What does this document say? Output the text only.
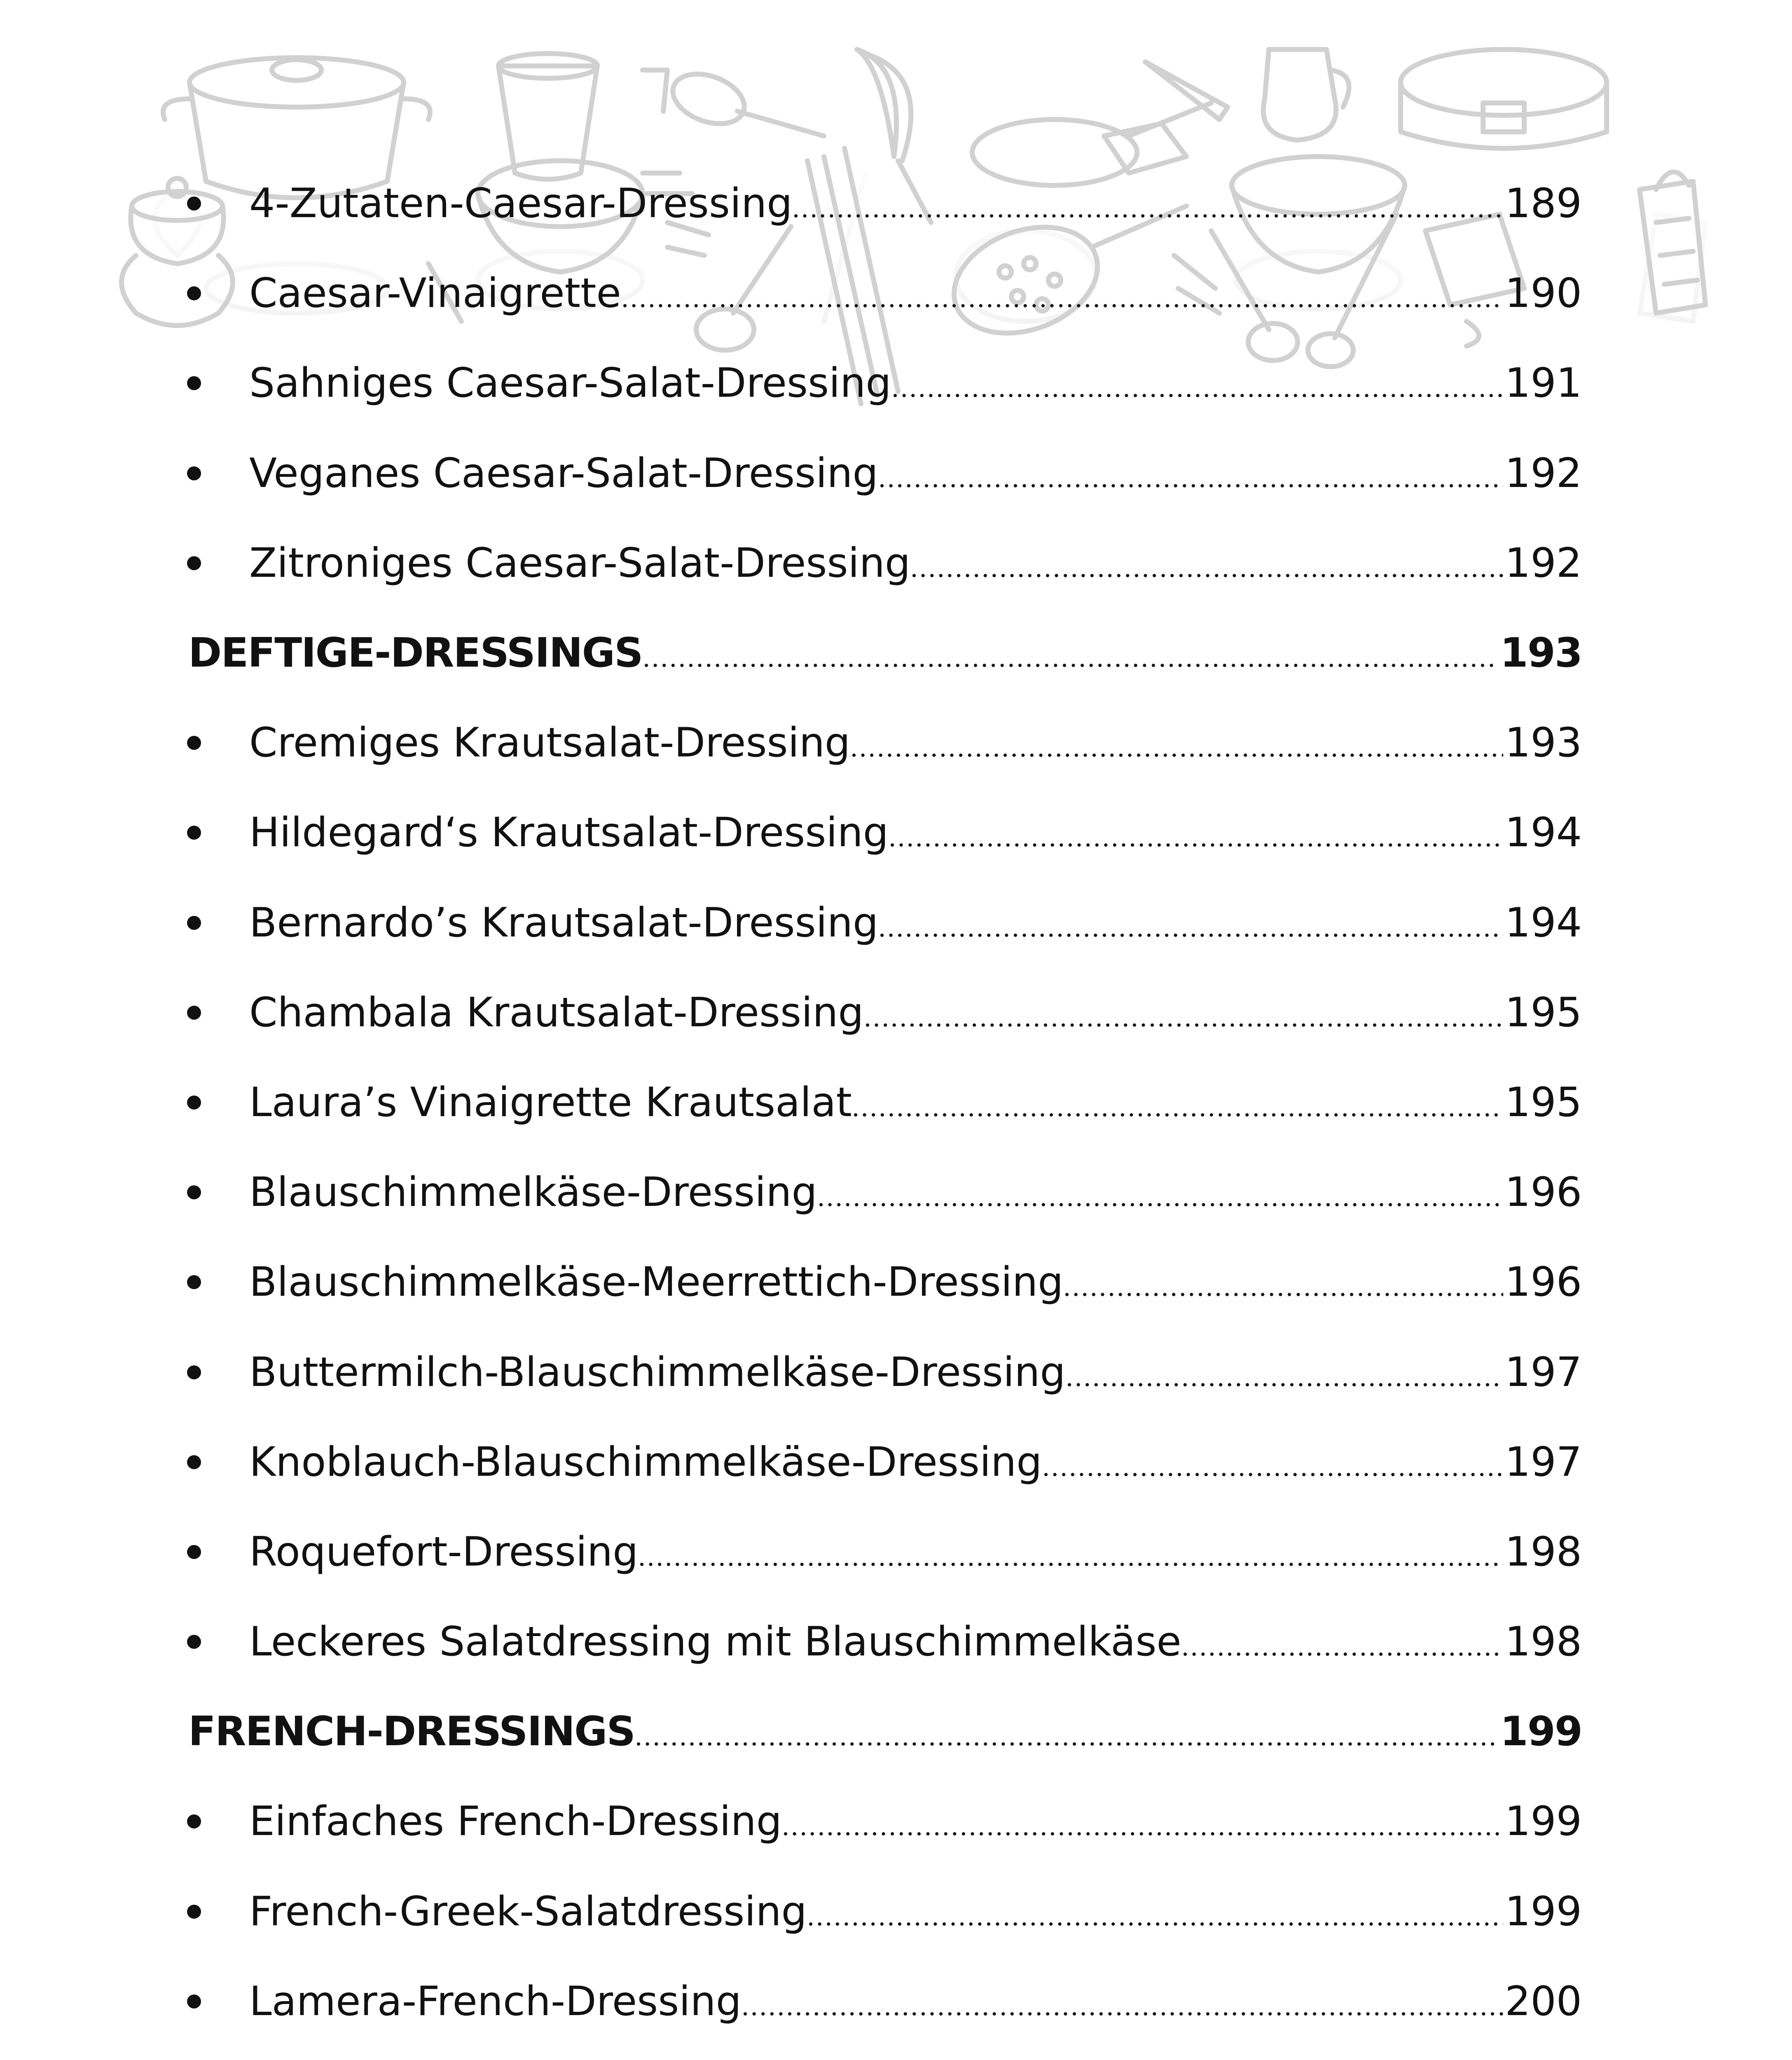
4-Zutaten-Caesar-Dressing	189
Caesar-Vinaigrette	190
Sahniges Caesar-Salat-Dressing	191
Veganes Caesar-Salat-Dressing	192
Zitroniges Caesar-Salat-Dressing	192
DEFTIGE-DRESSINGS	193
Cremiges Krautsalat-Dressing	193
Hildegard‘s Krautsalat-Dressing	194
Bernardo’s Krautsalat-Dressing	194
Chambala Krautsalat-Dressing	195
Laura’s Vinaigrette Krautsalat	195
Blauschimmelkäse-Dressing	196
Blauschimmelkäse-Meerrettich-Dressing	196
Buttermilch-Blauschimmelkäse-Dressing	197
Knoblauch-Blauschimmelkäse-Dressing	197
Roquefort-Dressing	198
Leckeres Salatdressing mit Blauschimmelkäse	198
FRENCH-DRESSINGS	199
Einfaches French-Dressing	199
French-Greek-Salatdressing	199
Lamera-French-Dressing	200
